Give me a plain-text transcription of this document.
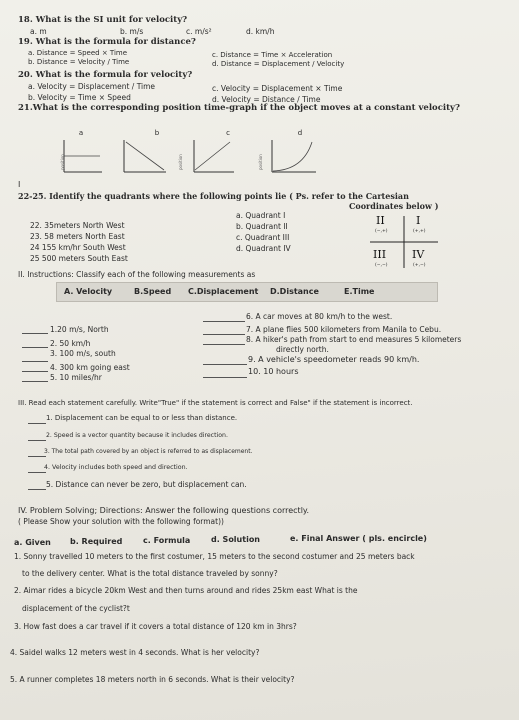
18. What is the SI unit for velocity?
a. m	b. m/s	c. m/s²	d. km/h
19. What is the formula for distance?
a. Distance = Speed × Time
b. Distance = Velocity / Time
c. Distance = Time × Acceleration
d. Distance = Displacement / Velocity
20. What is the formula for velocity?
a. Velocity = Displacement / Time
b. Velocity = Time × Speed
c. Velocity = Displacement × Time
d. Velocity = Distance / Time
21.What is the corresponding position time-graph if the object moves at a constant velocity?
a	b	c	d
position	position	position
I
22-25. Identify the quadrants where the following points lie ( Ps. refer to the Cartesian
Coordinates below )
22. 35meters North West
23. 58 meters North East
24 155 km/hr South West
25 500 meters South East
a. Quadrant I
b. Quadrant II
c. Quadrant III
d. Quadrant IV
II
(−,+)
I
(+,+)
III
(−,−)
IV
(+,−)
II. Instructions: Classify each of the following measurements as
A. Velocity	B.Speed C.Displacement D.Distance	E.Time
1.20 m/s, North
2. 50 km/h
3. 100 m/s, south
4. 300 km going east
5. 10 miles/hr
6. A car moves at 80 km/h to the west.
7. A plane flies 500 kilometers from Manila to Cebu.
8. A hiker's path from start to end measures 5 kilometers
directly north.
9. A vehicle's speedometer reads 90 km/h.
10. 10 hours
III. Read each statement carefully. Write"True" if the statement is correct and False" if the statement is incorrect.
1. Displacement can be equal to or less than distance.
2. Speed is a vector quantity because it includes direction.
3. The total path covered by an object is referred to as displacement.
4. Velocity includes both speed and direction.
5. Distance can never be zero, but displacement can.
IV. Problem Solving; Directions: Answer the following questions correctly.
( Please Show your solution with the following format))
a. Given b. Required	c. Formula	d. Solution	e. Final Answer ( pls. encircle)
1. Sonny travelled 10 meters to the first costumer, 15 meters to the second costumer and 25 meters back
to the delivery center. What is the total distance traveled by sonny?
2. Aimar rides a bicycle 20km West and then turns around and rides 25km east What is the
displacement of the cyclist?t
3. How fast does a car travel if it covers a total distance of 120 km in 3hrs?
4. Saidel walks 12 meters west in 4 seconds. What is her velocity?
5. A runner completes 18 meters north in 6 seconds. What is their velocity?
